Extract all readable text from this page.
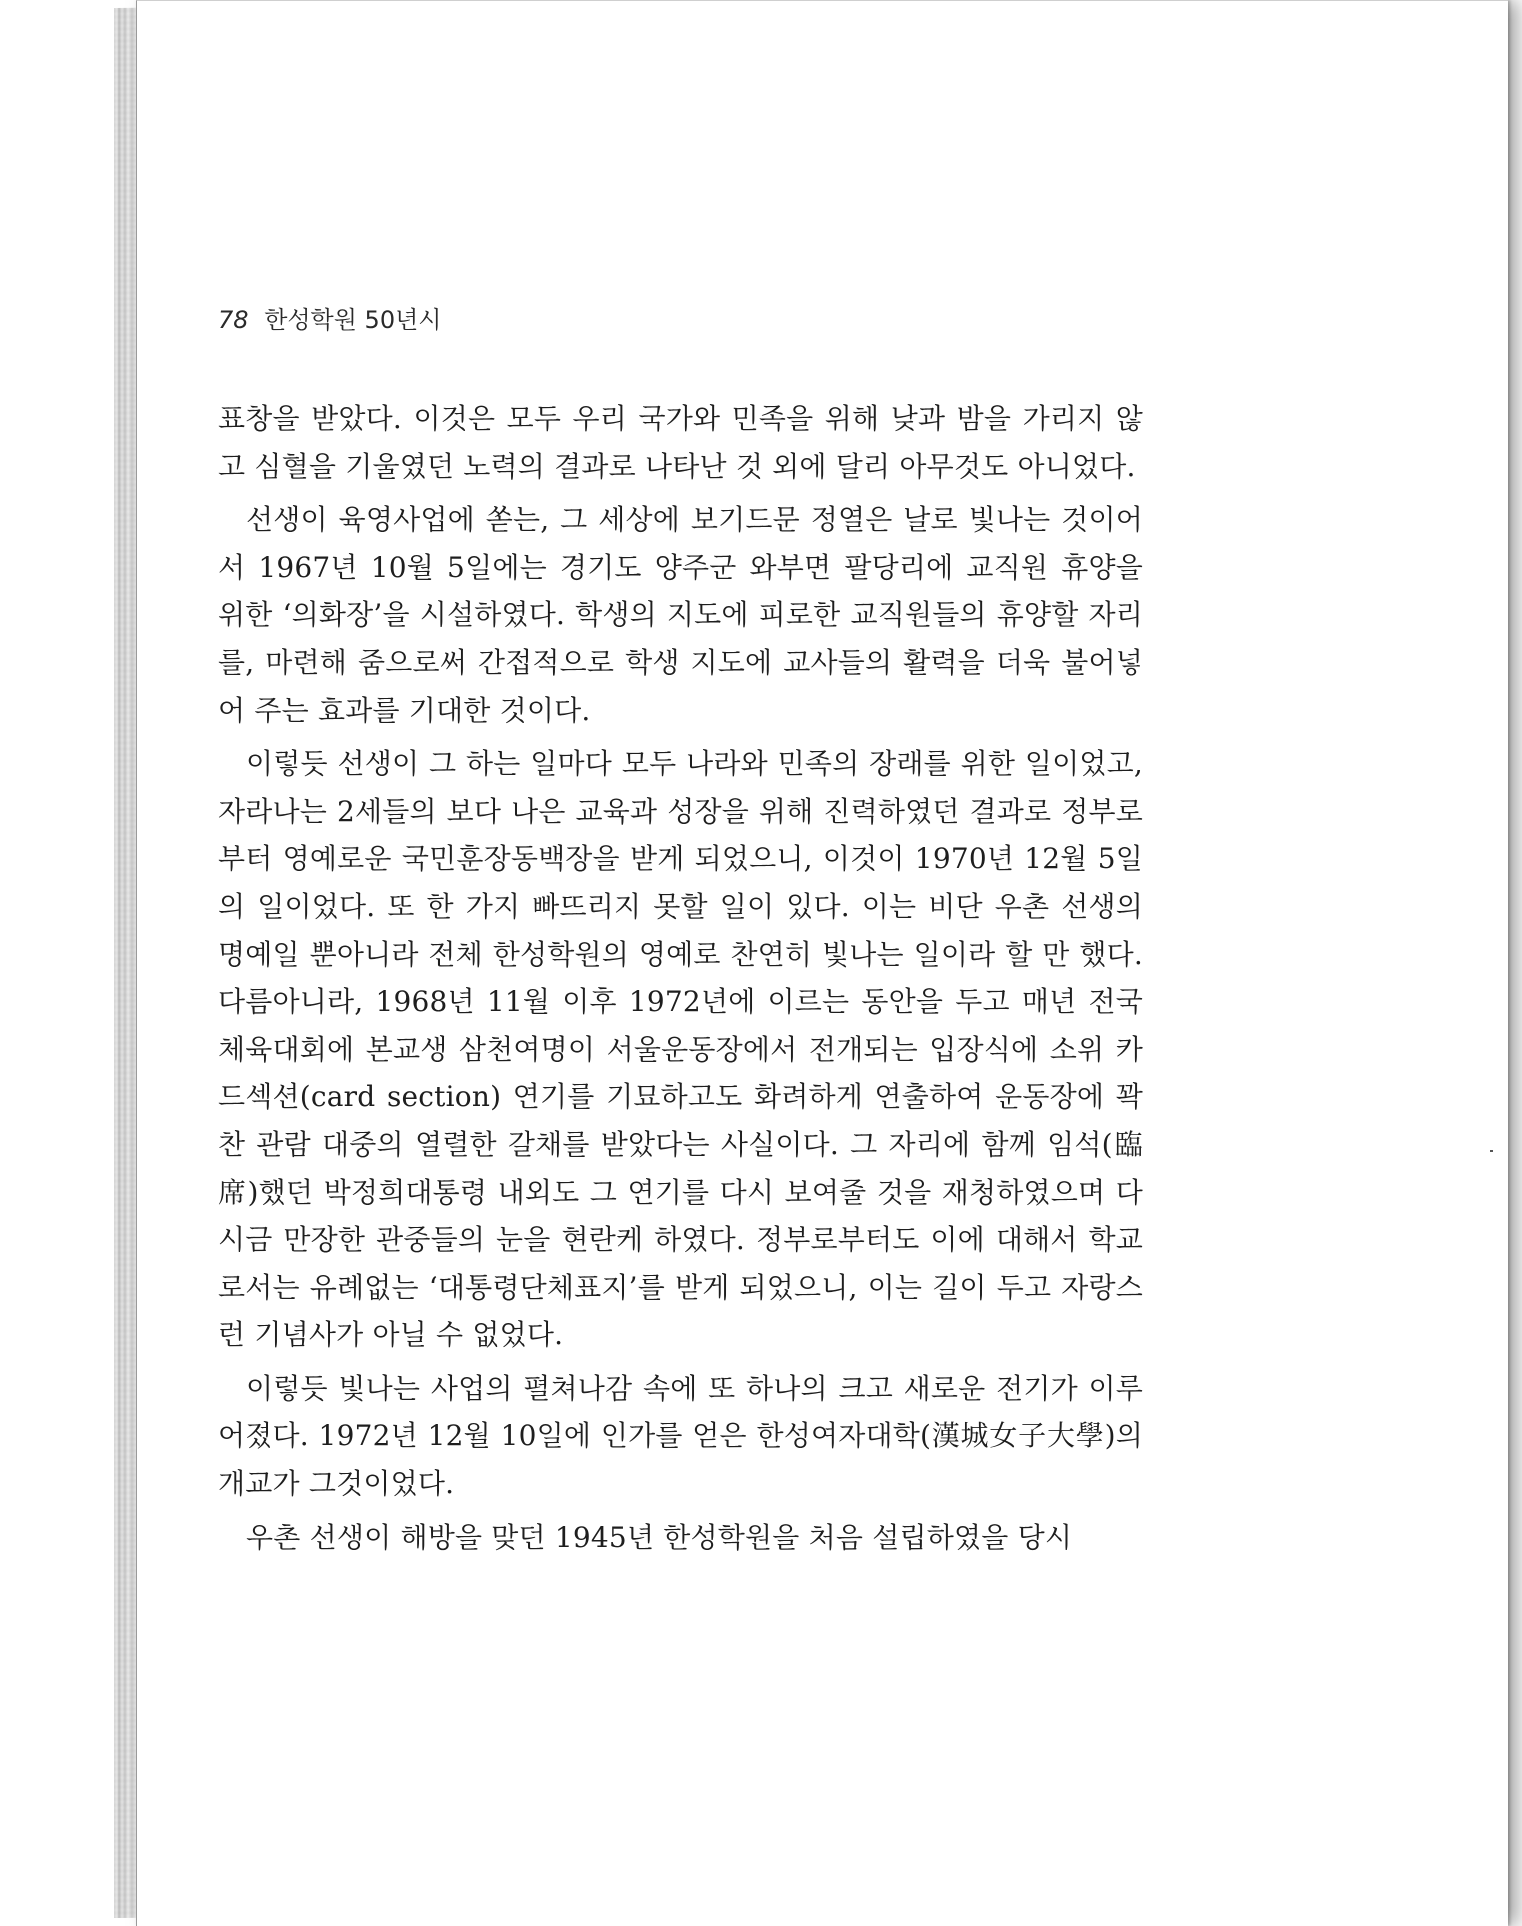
78 한성학원 50년시

표창을 받았다. 이것은 모두 우리 국가와 민족을 위해 낮과 밤을 가리지 않고 심혈을 기울였던 노력의 결과로 나타난 것 외에 달리 아무것도 아니었다.

선생이 육영사업에 쏟는, 그 세상에 보기드문 정열은 날로 빛나는 것이어서 1967년 10월 5일에는 경기도 양주군 와부면 팔당리에 교직원 휴양을 위한 ‘의화장’을 시설하였다. 학생의 지도에 피로한 교직원들의 휴양할 자리를, 마련해 줌으로써 간접적으로 학생 지도에 교사들의 활력을 더욱 불어넣어 주는 효과를 기대한 것이다.

이렇듯 선생이 그 하는 일마다 모두 나라와 민족의 장래를 위한 일이었고, 자라나는 2세들의 보다 나은 교육과 성장을 위해 진력하였던 결과로 정부로부터 영예로운 국민훈장동백장을 받게 되었으니, 이것이 1970년 12월 5일의 일이었다. 또 한 가지 빠뜨리지 못할 일이 있다. 이는 비단 우촌 선생의 명예일 뿐아니라 전체 한성학원의 영예로 찬연히 빛나는 일이라 할 만 했다. 다름아니라, 1968년 11월 이후 1972년에 이르는 동안을 두고 매년 전국체육대회에 본교생 삼천여명이 서울운동장에서 전개되는 입장식에 소위 카드섹션(card section) 연기를 기묘하고도 화려하게 연출하여 운동장에 꽉찬 관람 대중의 열렬한 갈채를 받았다는 사실이다. 그 자리에 함께 임석(臨席)했던 박정희대통령 내외도 그 연기를 다시 보여줄 것을 재청하였으며 다시금 만장한 관중들의 눈을 현란케 하였다. 정부로부터도 이에 대해서 학교로서는 유례없는 ‘대통령단체표지’를 받게 되었으니, 이는 길이 두고 자랑스런 기념사가 아닐 수 없었다.

이렇듯 빛나는 사업의 펼쳐나감 속에 또 하나의 크고 새로운 전기가 이루어졌다. 1972년 12월 10일에 인가를 얻은 한성여자대학(漢城女子大學)의 개교가 그것이었다.

우촌 선생이 해방을 맞던 1945년 한성학원을 처음 설립하였을 당시
